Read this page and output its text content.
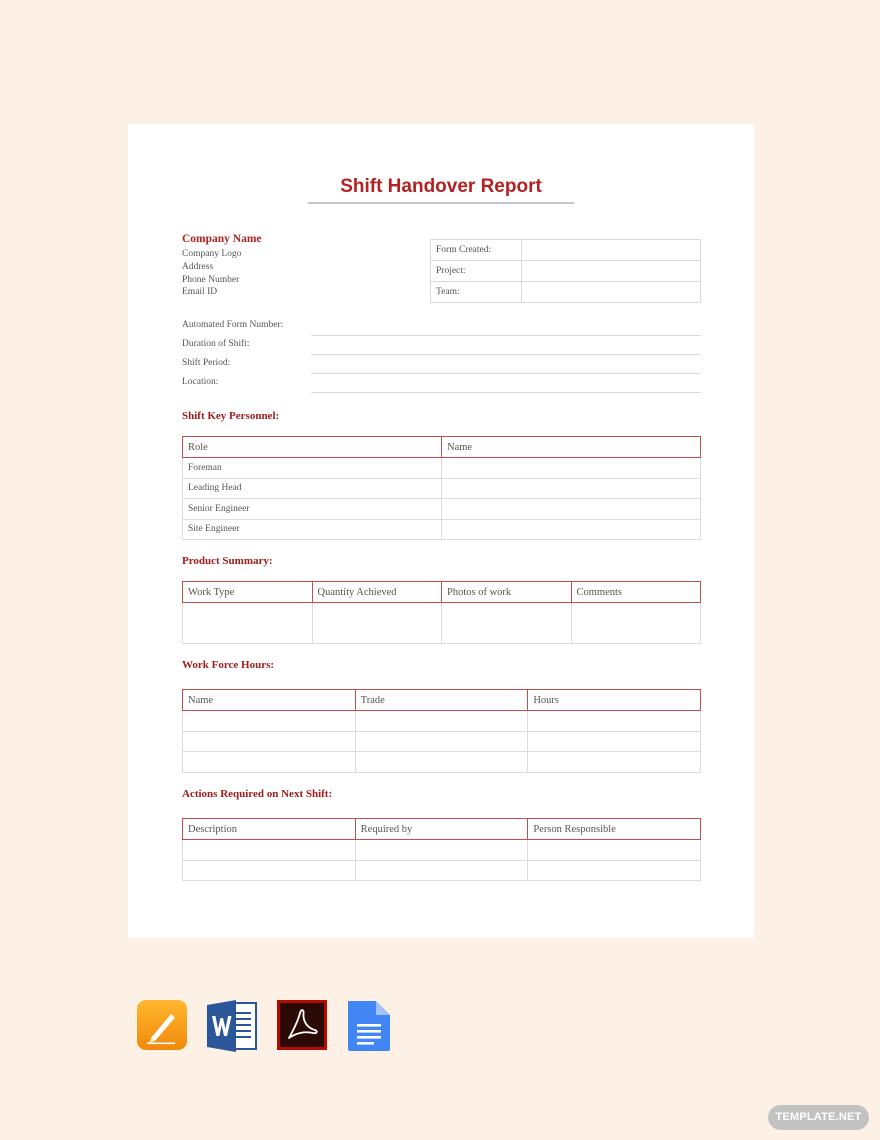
Shift Handover Report
Company Name
Company Logo
Address
Phone Number
Email ID
Form Created:	
Project:	
Team:	
Automated Form Number:
Duration of Shift:
Shift Period:
Location:
Shift Key Personnel:
Role	Name
Foreman	
Leading Head	
Senior Engineer	
Site Engineer	
Product Summary:
Work Type	Quantity Achieved	Photos of work	Comments

Work Force Hours:
Name	Trade	Hours

Actions Required on Next Shift:
Description	Required by	Person Responsible

TEMPLATE.NET
